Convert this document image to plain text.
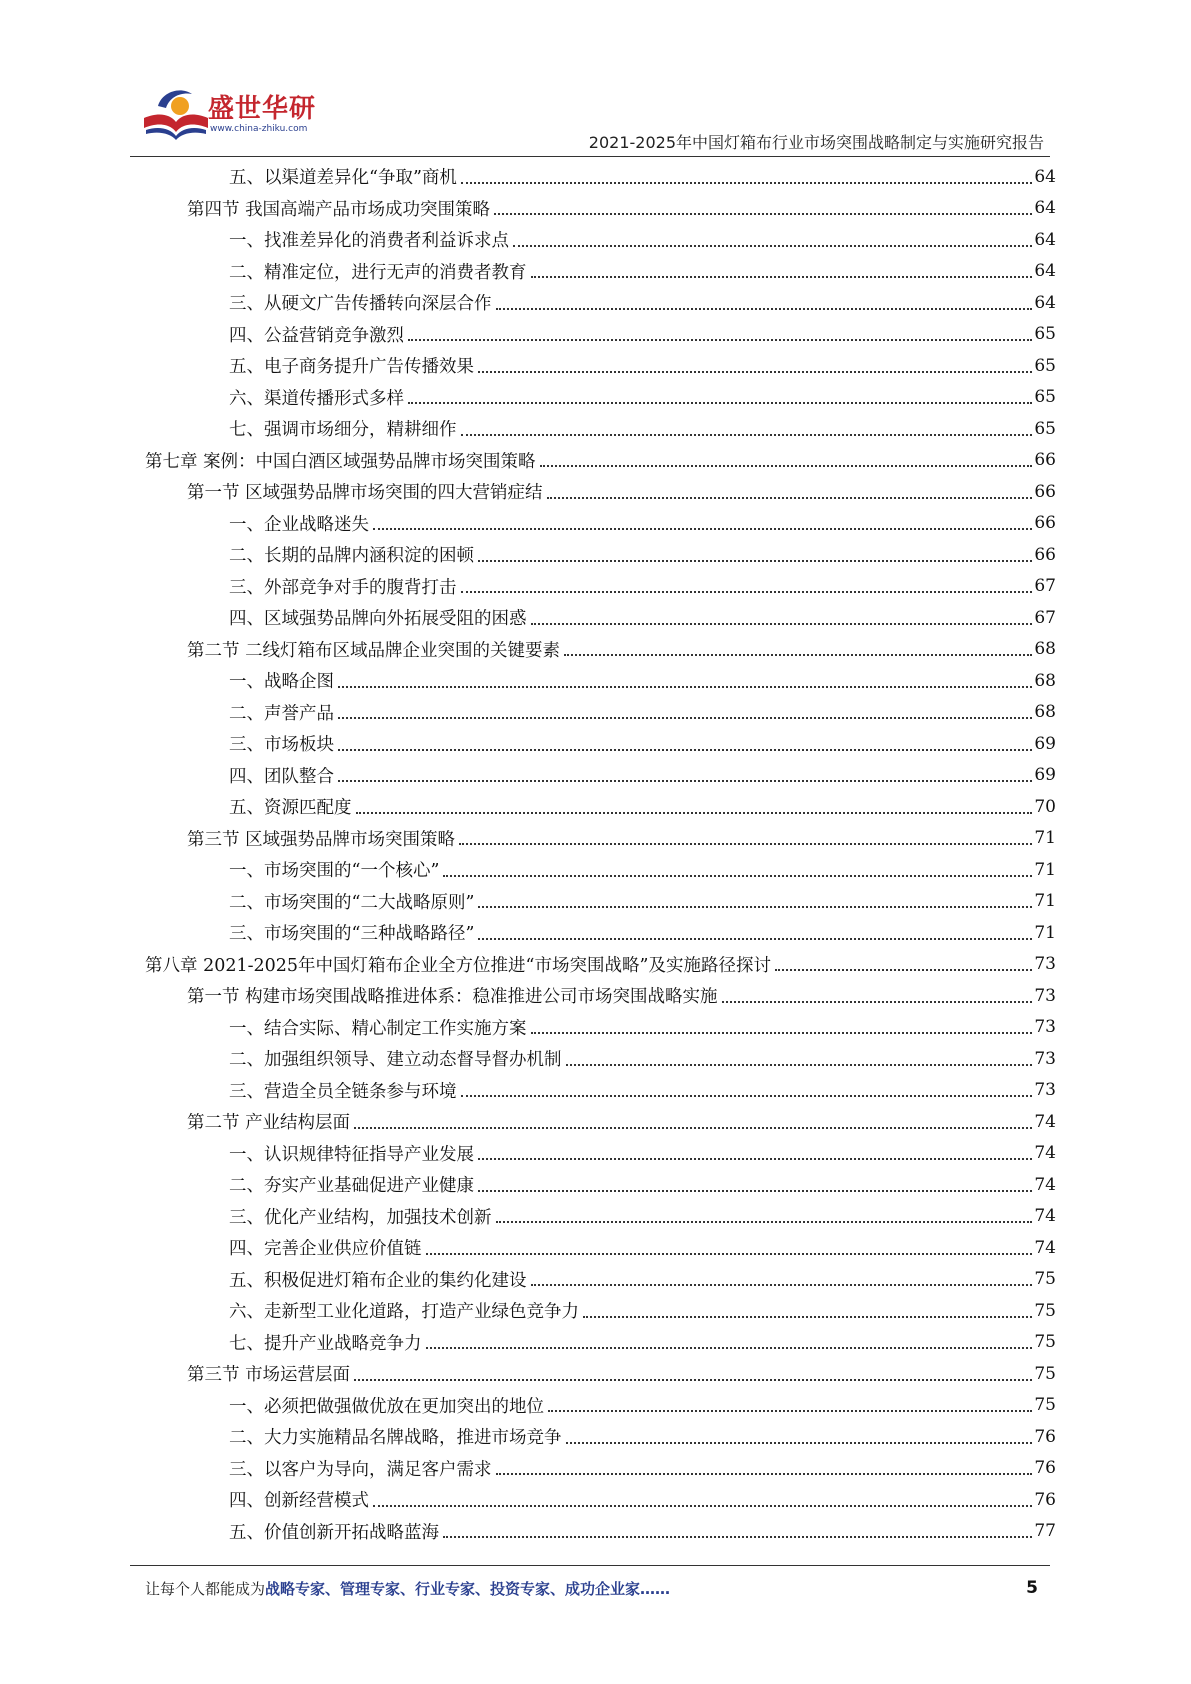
盛世华研
www.china-zhiku.com
2021-2025年中国灯箱布行业市场突围战略制定与实施研究报告
五、以渠道差异化“争取”商机	64
第四节 我国高端产品市场成功突围策略	64
一、找准差异化的消费者利益诉求点	64
二、精准定位，进行无声的消费者教育	64
三、从硬文广告传播转向深层合作	64
四、公益营销竞争激烈	65
五、电子商务提升广告传播效果	65
六、渠道传播形式多样	65
七、强调市场细分，精耕细作	65
第七章 案例：中国白酒区域强势品牌市场突围策略	66
第一节 区域强势品牌市场突围的四大营销症结	66
一、企业战略迷失	66
二、长期的品牌内涵积淀的困顿	66
三、外部竞争对手的腹背打击	67
四、区域强势品牌向外拓展受阻的困惑	67
第二节 二线灯箱布区域品牌企业突围的关键要素	68
一、战略企图	68
二、声誉产品	68
三、市场板块	69
四、团队整合	69
五、资源匹配度	70
第三节 区域强势品牌市场突围策略	71
一、市场突围的“一个核心”	71
二、市场突围的“二大战略原则”	71
三、市场突围的“三种战略路径”	71
第八章 2021-2025年中国灯箱布企业全方位推进“市场突围战略”及实施路径探讨	73
第一节 构建市场突围战略推进体系：稳准推进公司市场突围战略实施	73
一、结合实际、精心制定工作实施方案	73
二、加强组织领导、建立动态督导督办机制	73
三、营造全员全链条参与环境	73
第二节 产业结构层面	74
一、认识规律特征指导产业发展	74
二、夯实产业基础促进产业健康	74
三、优化产业结构，加强技术创新	74
四、完善企业供应价值链	74
五、积极促进灯箱布企业的集约化建设	75
六、走新型工业化道路，打造产业绿色竞争力	75
七、提升产业战略竞争力	75
第三节 市场运营层面	75
一、必须把做强做优放在更加突出的地位	75
二、大力实施精品名牌战略，推进市场竞争	76
三、以客户为导向，满足客户需求	76
四、创新经营模式	76
五、价值创新开拓战略蓝海	77
让每个人都能成为战略专家、管理专家、行业专家、投资专家、成功企业家……	5
